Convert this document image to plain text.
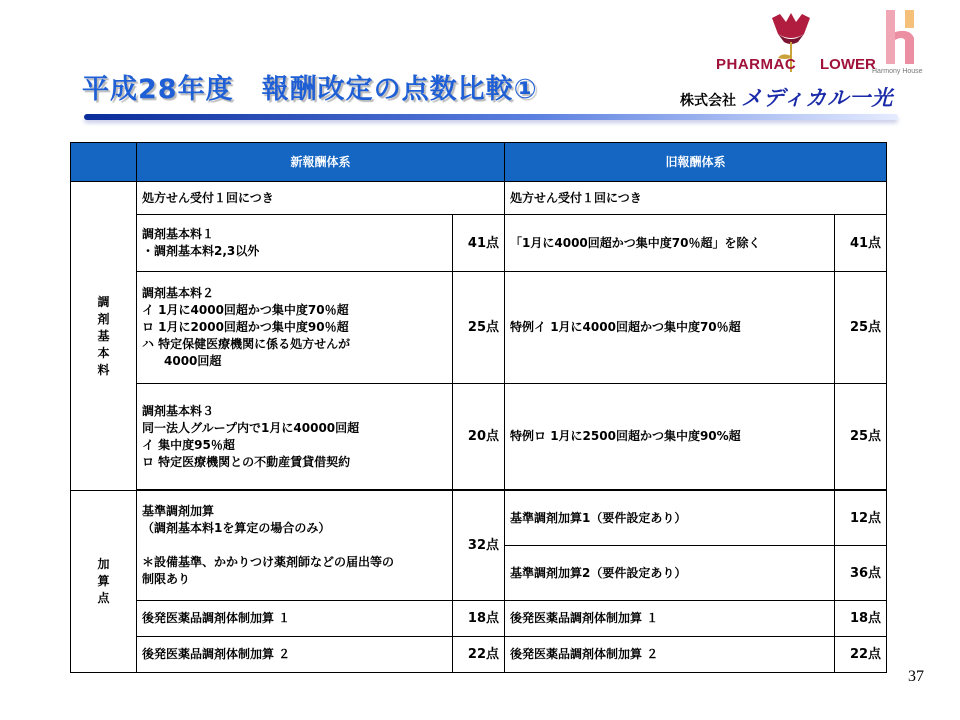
平成28年度　報酬改定の点数比較①
PHARMAC LOWER
Harmony House
株式会社 メディカル一光
	新報酬体系		旧報酬体系	

調剤基本料	処方せん受付１回につき		処方せん受付１回につき	

	調剤基本料１
・調剤基本料2,3以外	41点	「1月に4000回超かつ集中度70％超」を除く	41点

	調剤基本料２
イ 1月に4000回超かつ集中度70％超
ロ 1月に2000回超かつ集中度90％超
ハ 特定保健医療機関に係る処方せんが
4000回超	25点	特例イ 1月に4000回超かつ集中度70％超	25点

	調剤基本料３
同一法人グループ内で1月に40000回超
イ 集中度95％超
ロ 特定医療機関との不動産賃貸借契約	20点	特例ロ 1月に2500回超かつ集中度90%超	25点

加算点	基準調剤加算
（調剤基本料1を算定の場合のみ）
＊設備基準、かかりつけ薬剤師などの届出等の
制限あり	32点	基準調剤加算1（要件設定あり）	12点
			基準調剤加算2（要件設定あり）	36点
	後発医薬品調剤体制加算 １	18点	後発医薬品調剤体制加算 １	18点
	後発医薬品調剤体制加算 ２	22点	後発医薬品調剤体制加算 ２	22点
37
